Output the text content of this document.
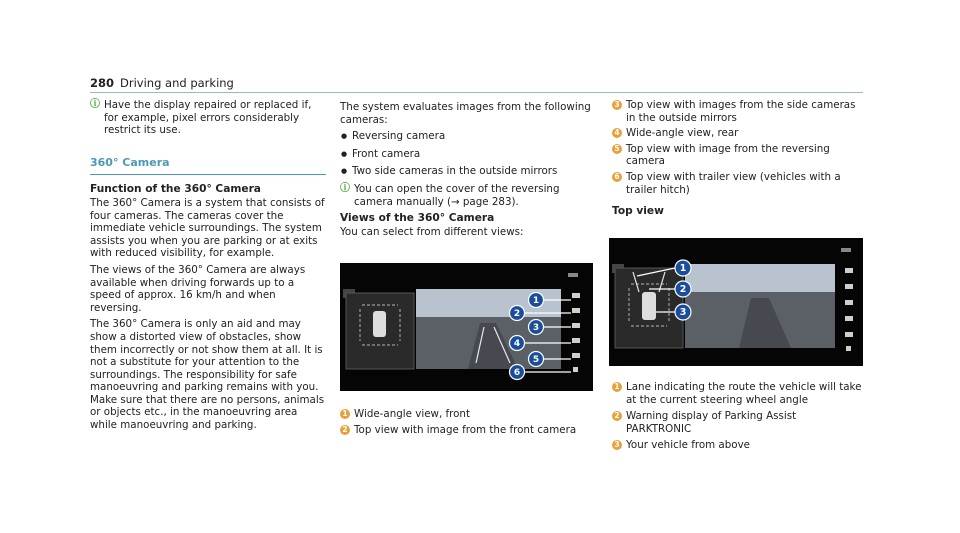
280 Driving and parking
ⓘ Have the display repaired or replaced if, for example, pixel errors considerably restrict its use.
360° Camera

Function of the 360° Camera

The 360° Camera is a system that consists of four cameras. The cameras cover the immediate vehicle surroundings. The system assists you when you are parking or at exits with reduced visibility, for example.

The views of the 360° Camera are always available when driving forwards up to a speed of approx. 16 km/h and when reversing.

The 360° Camera is only an aid and may show a distorted view of obstacles, show them incorrectly or not show them at all. It is not a substitute for your attention to the surroundings. The responsibility for safe manoeuvring and parking remains with you. Make sure that there are no persons, animals or objects etc., in the manoeuvring area while manoeuvring and parking.

The system evaluates images from the following cameras:

● Reversing camera
● Front camera
● Two side cameras in the outside mirrors
ⓘ You can open the cover of the reversing camera manually (→ page 283).

Views of the 360° Camera

You can select from different views:

1
2
3
4
5
6
1 Wide-angle view, front
2 Top view with image from the front camera
3 Top view with images from the side cameras in the outside mirrors
4 Wide-angle view, rear
5 Top view with image from the reversing camera
6 Top view with trailer view (vehicles with a trailer hitch)

Top view

1
2
3
1 Lane indicating the route the vehicle will take at the current steering wheel angle
2 Warning display of Parking Assist PARKTRONIC
3 Your vehicle from above
